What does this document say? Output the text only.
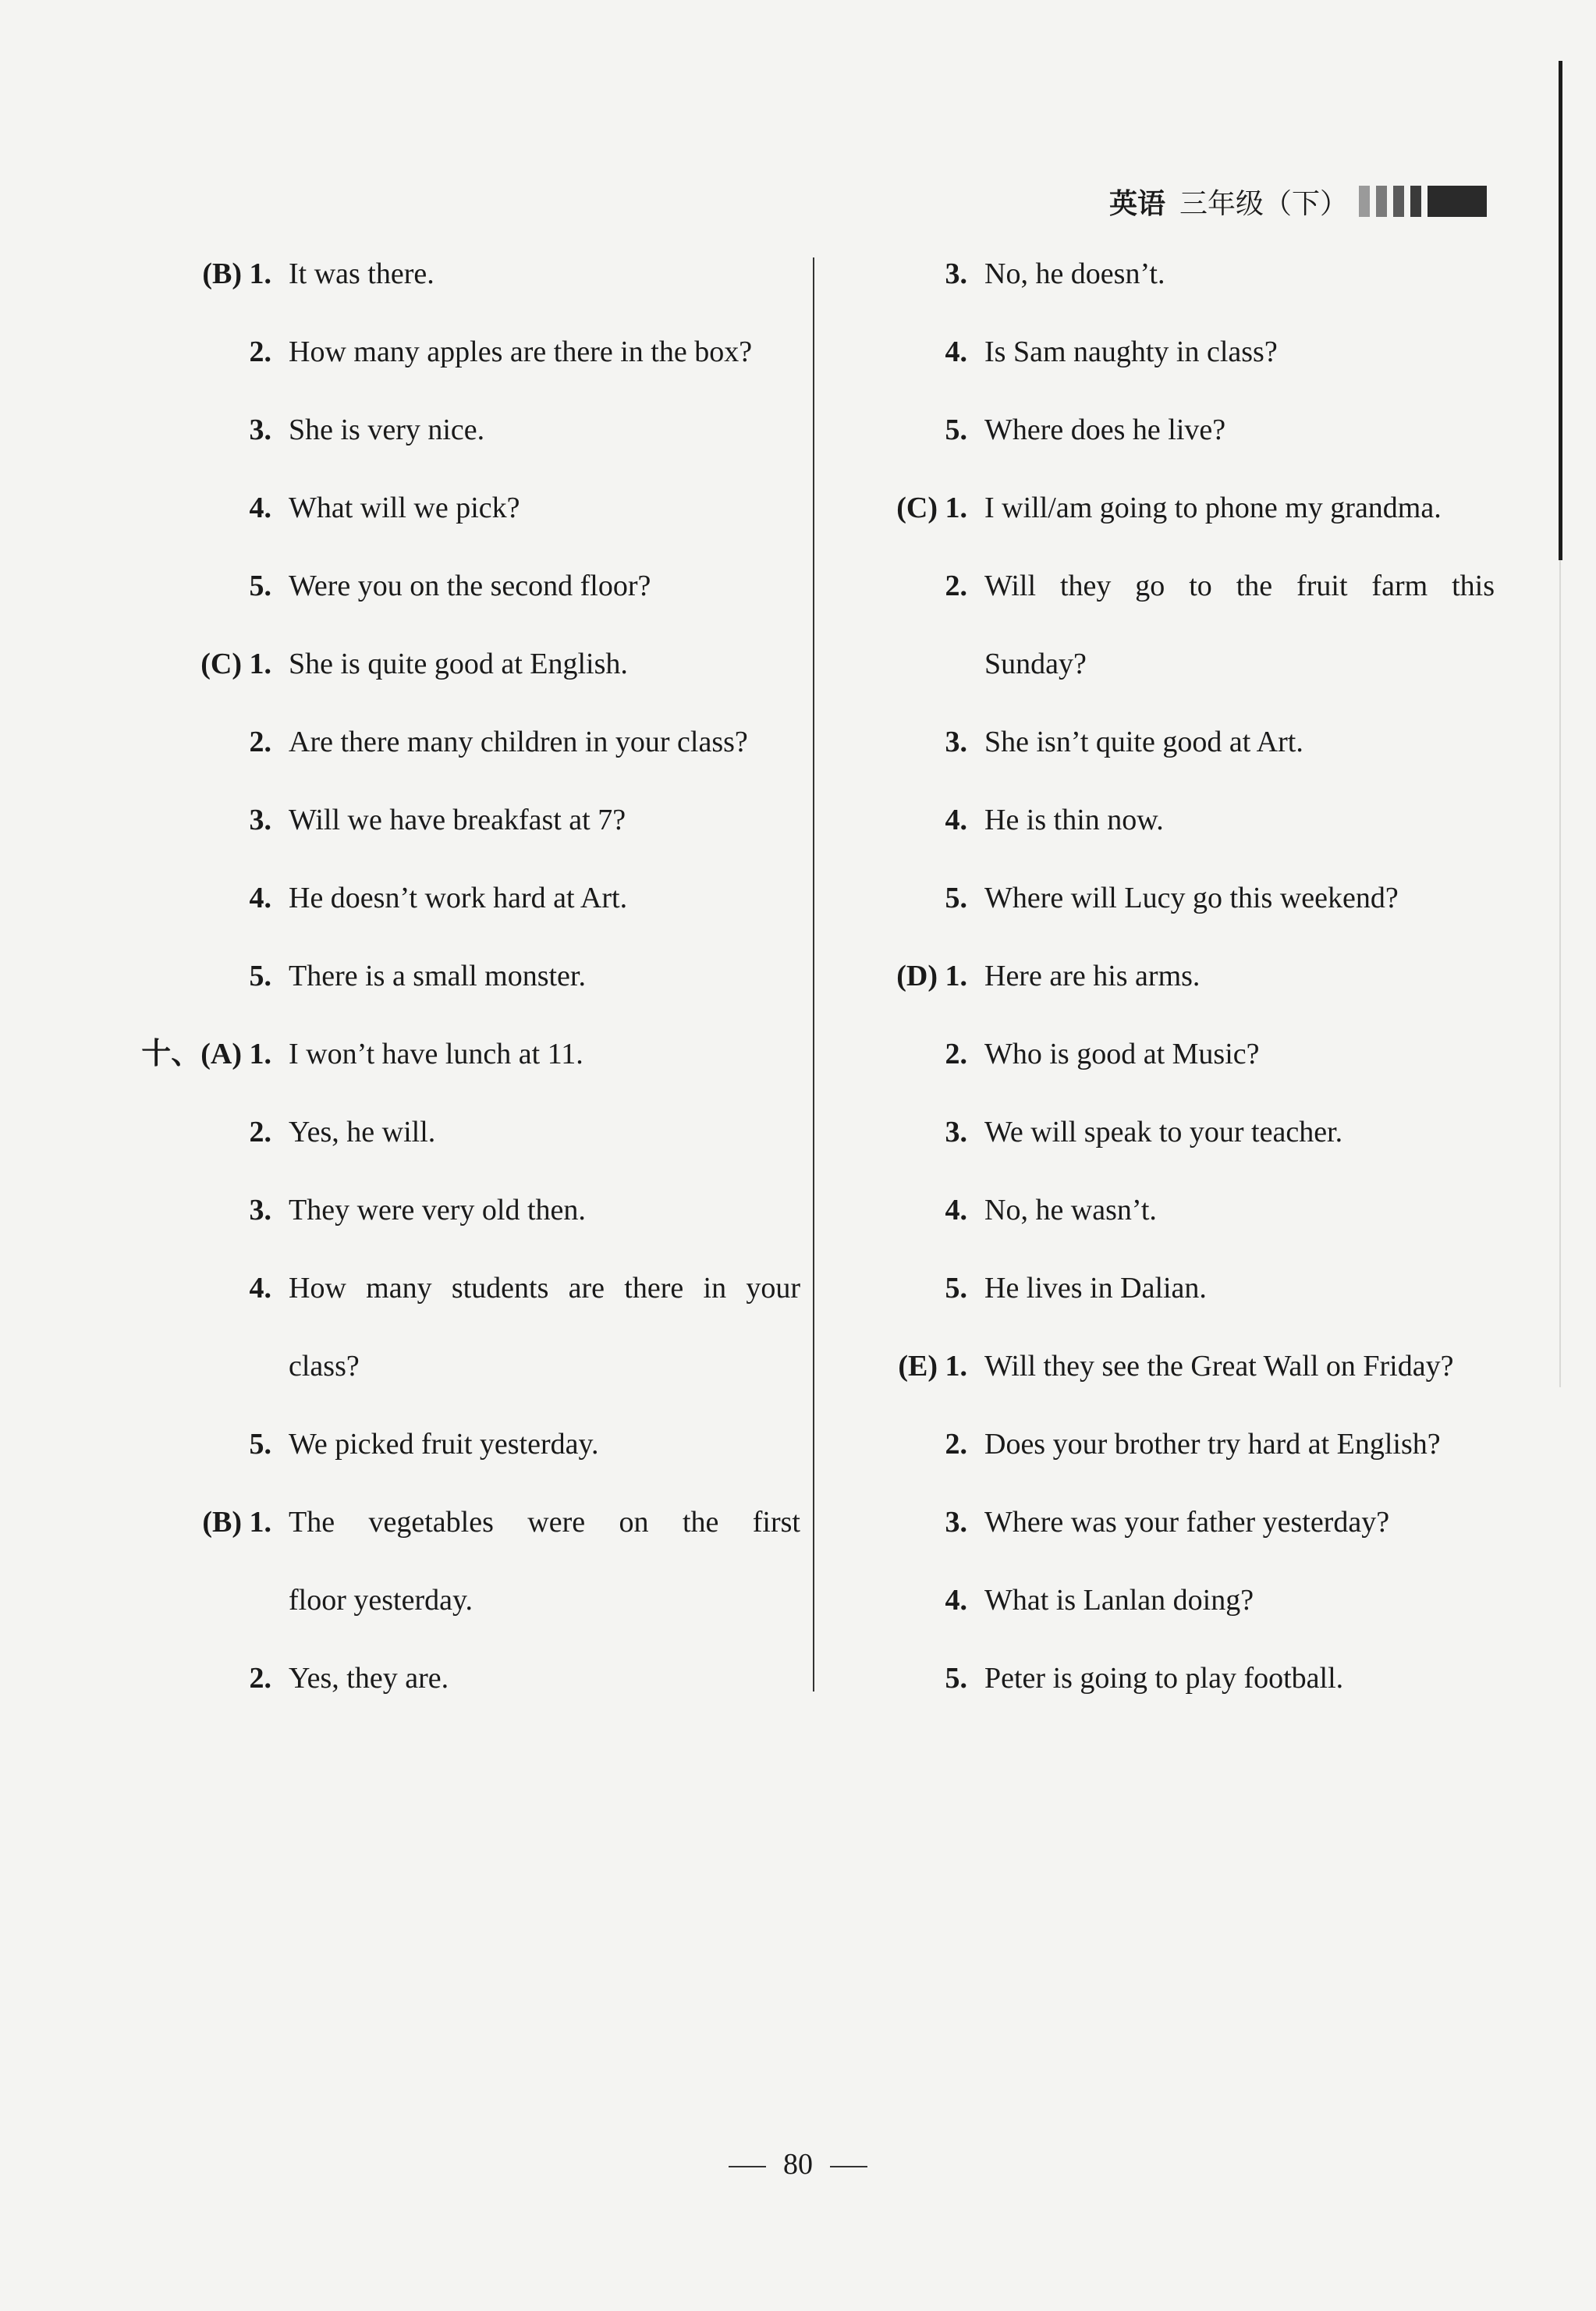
英语 三年级（下）
(B) 1. It was there.
2. How many apples are there in the box?
3. She is very nice.
4. What will we pick?
5. Were you on the second floor?
(C) 1. She is quite good at English.
2. Are there many children in your class?
3. Will we have breakfast at 7?
4. He doesn’t work hard at Art.
5. There is a small monster.
十、(A) 1. I won’t have lunch at 11.
2. Yes, he will.
3. They were very old then.
4. How many students are there in your
class?
5. We picked fruit yesterday.
(B) 1. The vegetables were on the first
floor yesterday.
2. Yes, they are.
3. No, he doesn’t.
4. Is Sam naughty in class?
5. Where does he live?
(C) 1. I will/am going to phone my grandma.
2. Will they go to the fruit farm this
Sunday?
3. She isn’t quite good at Art.
4. He is thin now.
5. Where will Lucy go this weekend?
(D) 1. Here are his arms.
2. Who is good at Music?
3. We will speak to your teacher.
4. No, he wasn’t.
5. He lives in Dalian.
(E) 1. Will they see the Great Wall on Friday?
2. Does your brother try hard at English?
3. Where was your father yesterday?
4. What is Lanlan doing?
5. Peter is going to play football.
80
